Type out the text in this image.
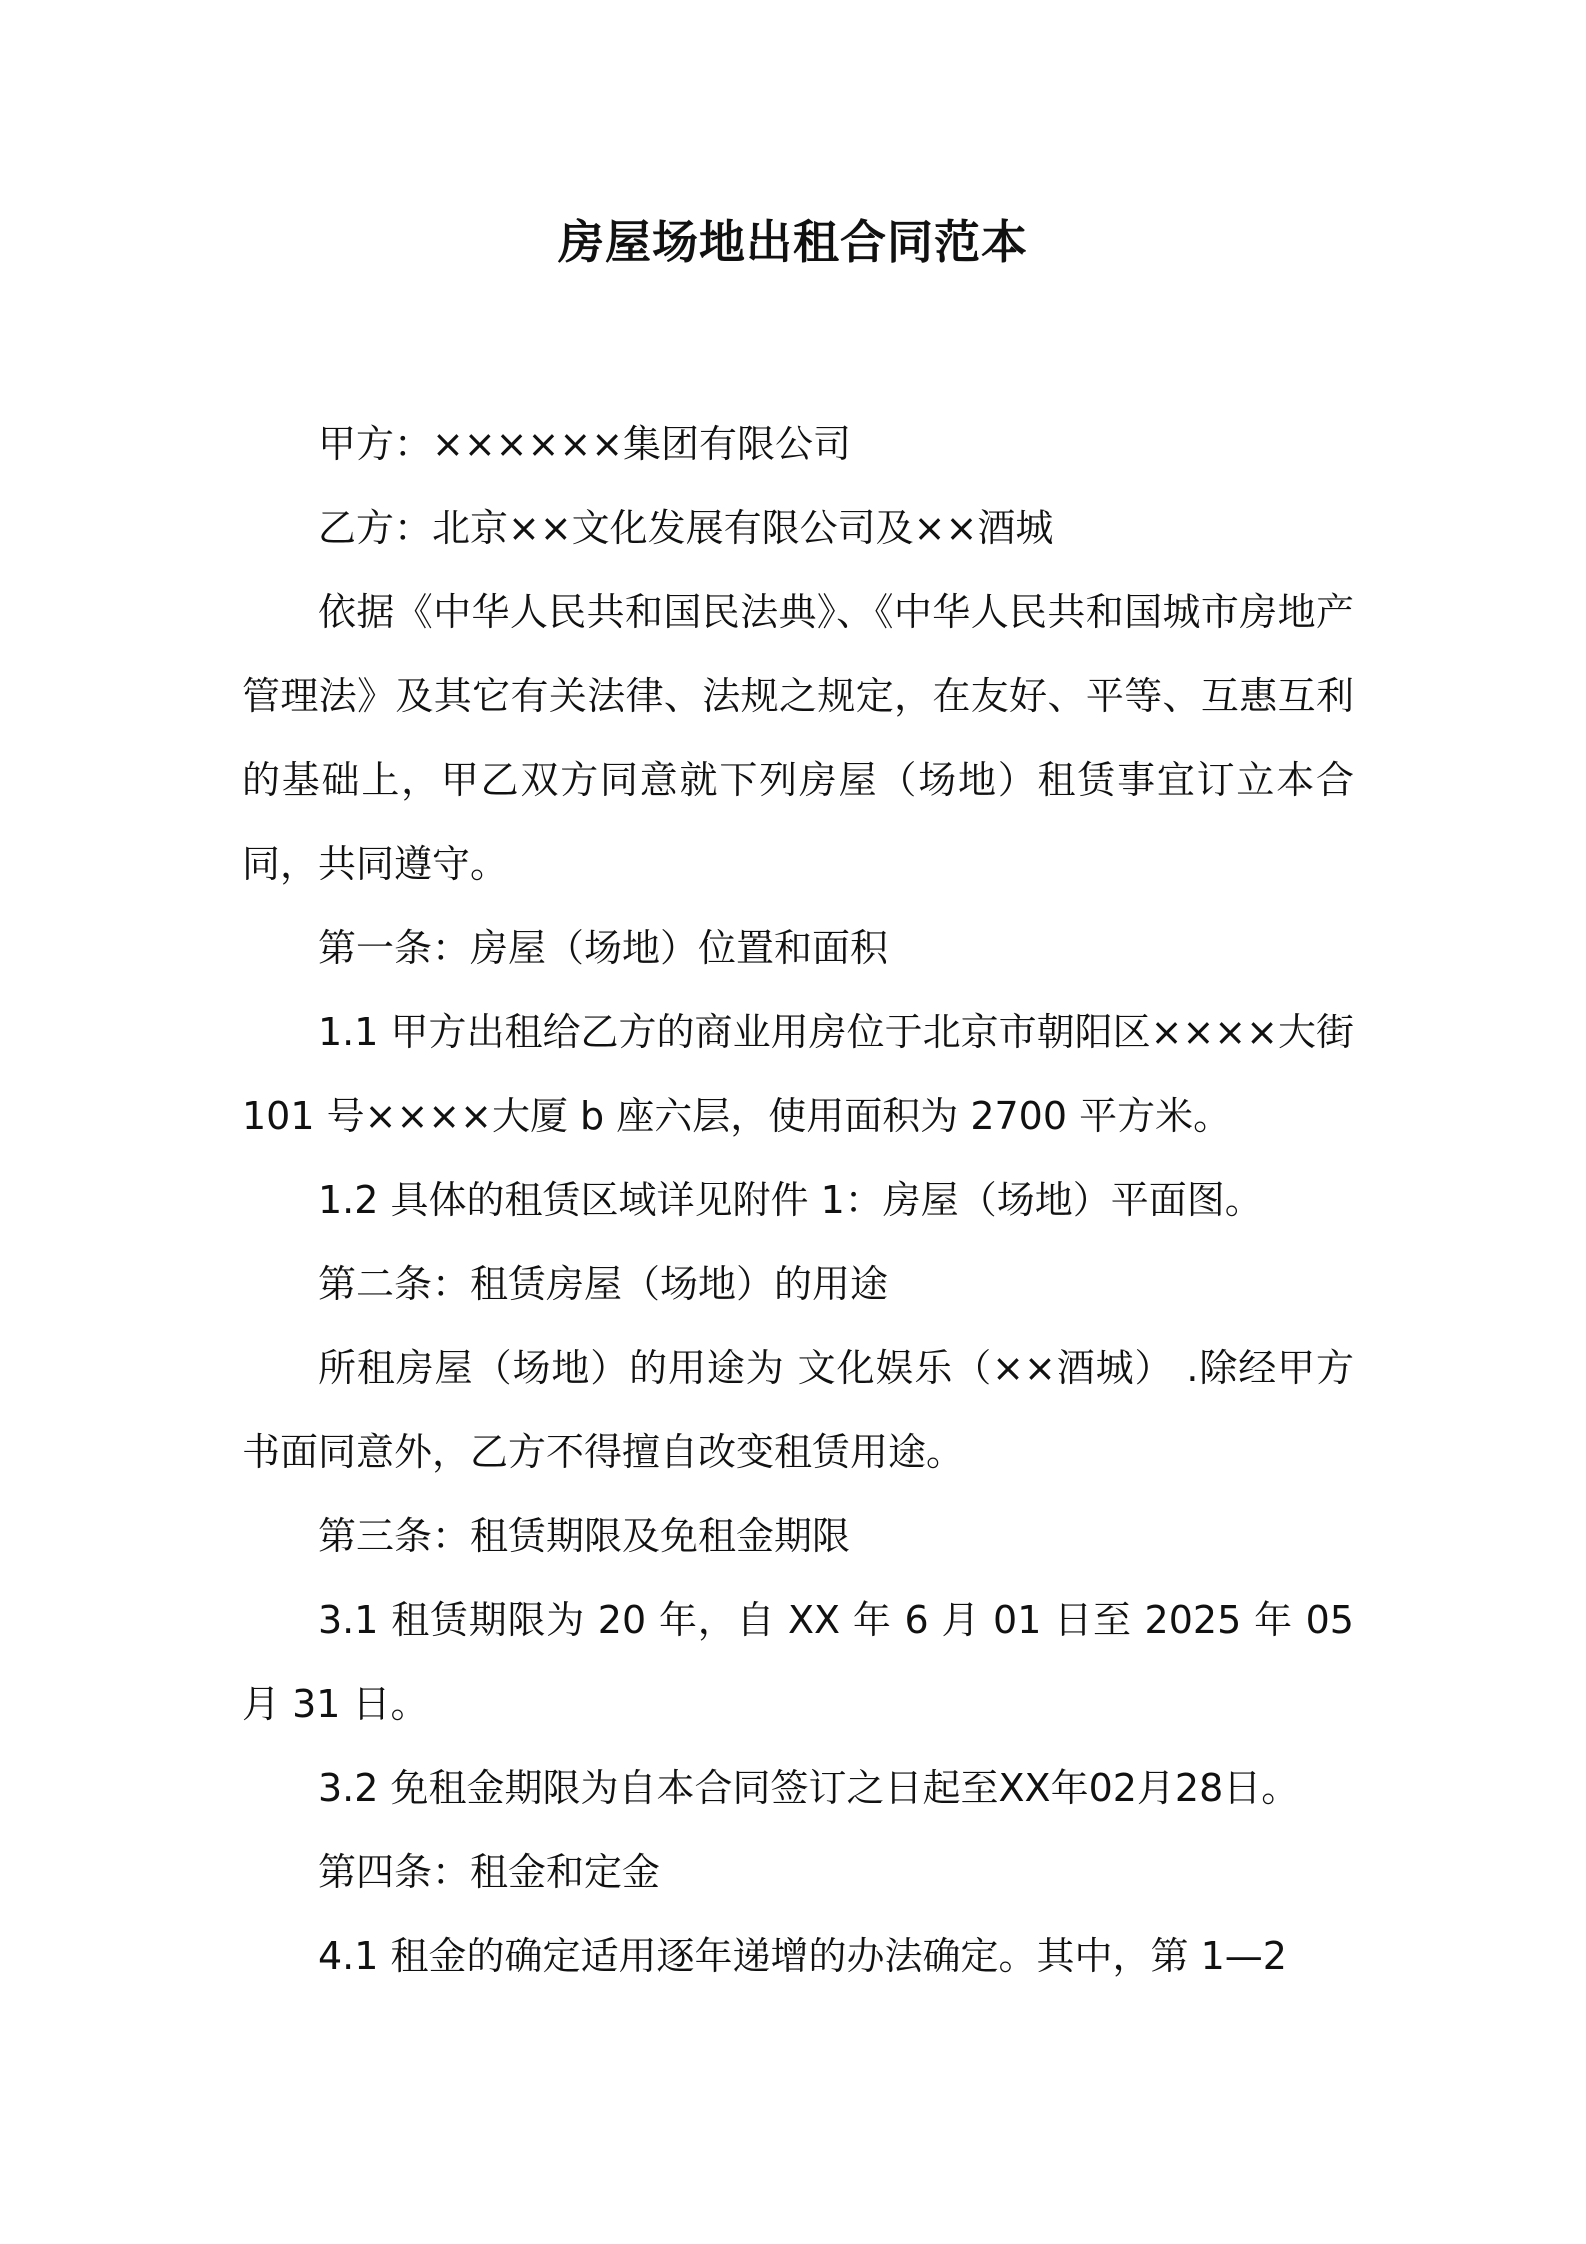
房屋场地出租合同范本

甲方：××××××集团有限公司

乙方：北京××文化发展有限公司及××酒城

依据《中华人民共和国民法典》、《中华人民共和国城市房地产管理法》及其它有关法律、法规之规定，在友好、平等、互惠互利的基础上，甲乙双方同意就下列房屋（场地）租赁事宜订立本合同，共同遵守。

第一条：房屋（场地）位置和面积

1.1 甲方出租给乙方的商业用房位于北京市朝阳区××××大街 101 号××××大厦 b 座六层，使用面积为 2700 平方米。

1.2 具体的租赁区域详见附件 1：房屋（场地）平面图。

第二条：租赁房屋（场地）的用途

所租房屋（场地）的用途为 文化娱乐（××酒城） .除经甲方书面同意外，乙方不得擅自改变租赁用途。

第三条：租赁期限及免租金期限

3.1 租赁期限为 20 年，自 XX 年 6 月 01 日至 2025 年 05 月 31 日。

3.2 免租金期限为自本合同签订之日起至XX年02月28日。

第四条：租金和定金

4.1 租金的确定适用逐年递增的办法确定。其中，第 1—2
